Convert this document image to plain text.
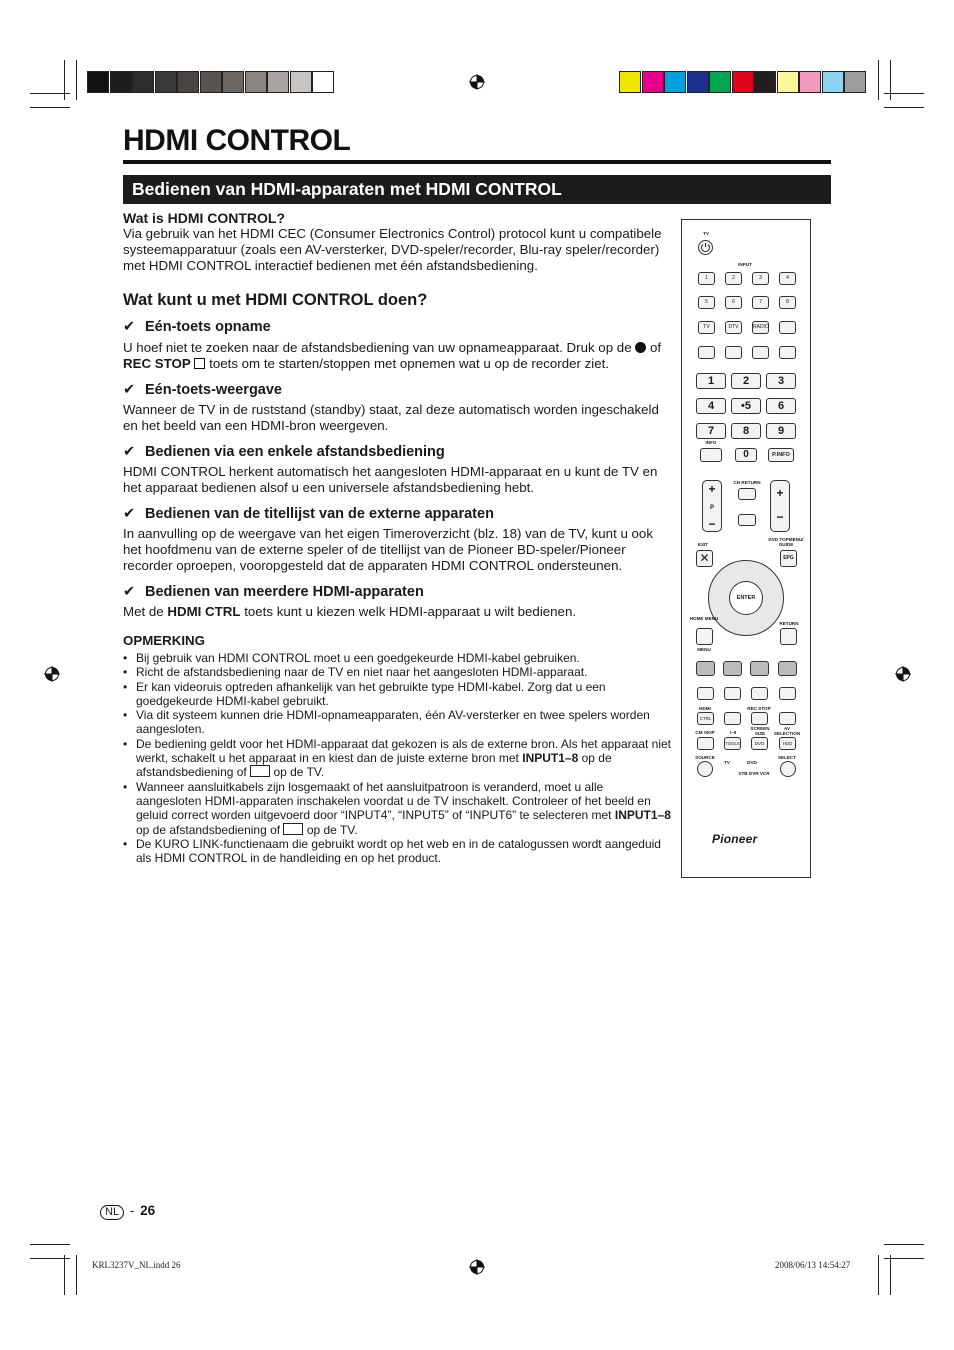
HDMI CONTROL
Bedienen van HDMI-apparaten met HDMI CONTROL
Wat is HDMI CONTROL?

Via gebruik van het HDMI CEC (Consumer Electronics Control) protocol kunt u compatibele systeemapparatuur (zoals een AV-versterker, DVD-speler/recorder, Blu-ray speler/recorder) met HDMI CONTROL interactief bedienen met één afstandsbediening.

Wat kunt u met HDMI CONTROL doen?

✔ Eén-toets opname

U hoef niet te zoeken naar de afstandsbediening van uw opnameapparaat. Druk op de of REC STOP toets om te starten/stoppen met opnemen wat u op de recorder ziet.

✔ Eén-toets-weergave

Wanneer de TV in de ruststand (standby) staat, zal deze automatisch worden ingeschakeld en het beeld van een HDMI-bron weergeven.

✔ Bedienen via een enkele afstandsbediening

HDMI CONTROL herkent automatisch het aangesloten HDMI-apparaat en u kunt de TV en het apparaat bedienen alsof u een universele afstandsbediening hebt.

✔ Bedienen van de titellijst van de externe apparaten

In aanvulling op de weergave van het eigen Timeroverzicht (blz. 18) van de TV, kunt u ook het hoofdmenu van de externe speler of de titellijst van de Pioneer BD-speler/Pioneer recorder oproepen, vooropgesteld dat de apparaten HDMI CONTROL ondersteunen.

✔ Bedienen van meerdere HDMI-apparaten

Met de HDMI CTRL toets kunt u kiezen welk HDMI-apparaat u wilt bedienen.

OPMERKING

• Bij gebruik van HDMI CONTROL moet u een goedgekeurde HDMI-kabel gebruiken.
• Richt de afstandsbediening naar de TV en niet naar het aangesloten HDMI-apparaat.
• Er kan videoruis optreden afhankelijk van het gebruikte type HDMI-kabel. Zorg dat u een goedgekeurde HDMI-kabel gebruikt.
• Via dit systeem kunnen drie HDMI-opnameapparaten, één AV-versterker en twee spelers worden aangesloten.
• De bediening geldt voor het HDMI-apparaat dat gekozen is als de externe bron. Als het apparaat niet werkt, schakelt u het apparaat in en kiest dan de juiste externe bron met INPUT1–8 op de afstandsbediening of op de TV.
• Wanneer aansluitkabels zijn losgemaakt of het aansluitpatroon is veranderd, moet u alle aangesloten HDMI-apparaten inschakelen voordat u de TV inschakelt. Controleer of het beeld en geluid correct worden uitgevoerd door “INPUT4”, “INPUT5” of “INPUT6” te selecteren met INPUT1–8 op de afstandsbediening of op de TV.
• De KURO LINK-functienaam die gebruikt wordt op het web en in de catalogussen wordt aangeduid als HDMI CONTROL in de handleiding en op het product.
TV
INPUT
1	2	3	4
5	6	7	8
TV	DTV	RADIO
1	2	3
4	•5	6
7	8	9
INFO
0	P.INFO
CH RETURN
+
P
−
+
−
DVD TOPMENU/ GUIDE
EXIT
✕	EPG
ENTER
HOME MENU
RETURN
MENU
HDMI	REC STOP
CTRL
CM SKIP	I–II
SCREEN SIZE
AV SELECTION
TOOLS	DVD	HDD
SOURCE	SELECT
TV	DVD
STB DVR VCR
Pioneer
NL - 26
KRL3237V_NL.indd 26	2008/06/13 14:54:27
